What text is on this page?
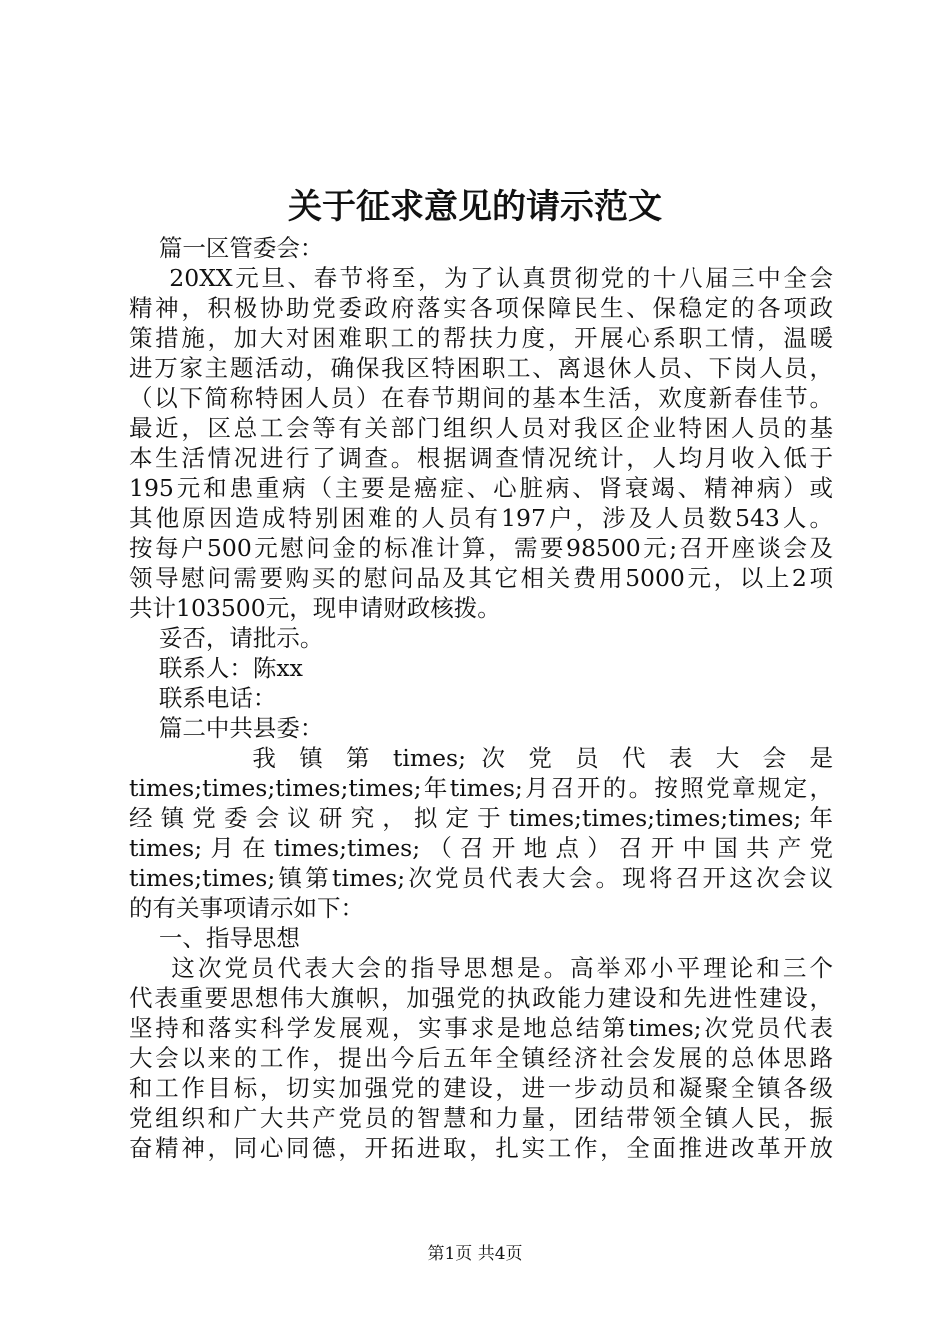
关于征求意见的请示范文
篇一区管委会：
20XX元旦、春节将至，为了认真贯彻党的十八届三中全会
精神，积极协助党委政府落实各项保障民生、保稳定的各项政
策措施，加大对困难职工的帮扶力度，开展心系职工情，温暖
进万家主题活动，确保我区特困职工、离退休人员、下岗人员，
（以下简称特困人员）在春节期间的基本生活，欢度新春佳节。
最近，区总工会等有关部门组织人员对我区企业特困人员的基
本生活情况进行了调查。根据调查情况统计，人均月收入低于
195元和患重病（主要是癌症、心脏病、肾衰竭、精神病）或
其他原因造成特别困难的人员有197户，涉及人员数543人。
按每户500元慰问金的标准计算，需要98500元;召开座谈会及
领导慰问需要购买的慰问品及其它相关费用5000元，以上2项
共计103500元，现申请财政核拨。
妥否，请批示。
联系人：陈xx
联系电话：
篇二中共县委：
我 镇 第 times; 次 党 员 代 表 大 会 是
times;times;times;times;年times;月召开的。按照党章规定，
经镇党委会议研究，拟定于times;times;times;times;年
times;月在times;times;（召开地点）召开中国共产党
times;times;镇第times;次党员代表大会。现将召开这次会议
的有关事项请示如下：
一、指导思想
这次党员代表大会的指导思想是。高举邓小平理论和三个
代表重要思想伟大旗帜，加强党的执政能力建设和先进性建设，
坚持和落实科学发展观，实事求是地总结第times;次党员代表
大会以来的工作，提出今后五年全镇经济社会发展的总体思路
和工作目标，切实加强党的建设，进一步动员和凝聚全镇各级
党组织和广大共产党员的智慧和力量，团结带领全镇人民，振
奋精神，同心同德，开拓进取，扎实工作，全面推进改革开放
第1页 共4页
